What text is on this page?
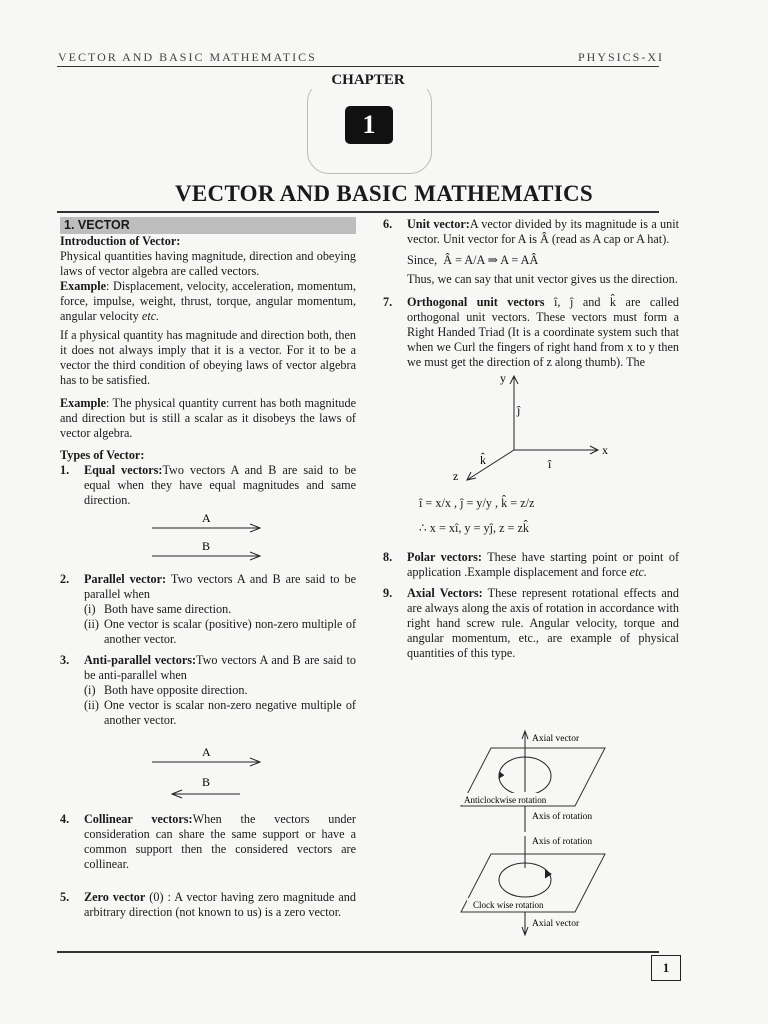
VECTOR AND BASIC MATHEMATICS	PHYSICS-XI
CHAPTER
1
VECTOR AND BASIC MATHEMATICS
1. VECTOR

Introduction of Vector:

Physical quantities having magnitude, direction and obeying laws of vector algebra are called vectors.

Example: Displacement, velocity, acceleration, momentum, force, impulse, weight, thrust, torque, angular momentum, angular velocity etc.

If a physical quantity has magnitude and direction both, then it does not always imply that it is a vector. For it to be a vector the third condition of obeying laws of vector algebra has to be satisfied.

Example: The physical quantity current has both magnitude and direction but is still a scalar as it disobeys the laws of vector algebra.

Types of Vector:

1. Equal vectors:Two vectors A and B are said to be equal when they have equal magnitudes and same direction.
A
B
2. Parallel vector: Two vectors A and B are said to be parallel when
(i) Both have same direction.
(ii) One vector is scalar (positive) non-zero multiple of another vector.
3. Anti-parallel vectors:Two vectors A and B are said to be anti-parallel when
(i) Both have opposite direction.
(ii) One vector is scalar non-zero negative multiple of another vector.
A
B
4. Collinear vectors:When the vectors under consideration can share the same support or have a common support then the considered vectors are collinear.
5. Zero vector (0) : A vector having zero magnitude and arbitrary direction (not known to us) is a zero vector.
6. Unit vector:A vector divided by its magnitude is a unit vector. Unit vector for A is Â (read as A cap or A hat).

Since, Â = A/A ⇒ A = AÂ

Thus, we can say that unit vector gives us the direction.

7. Orthogonal unit vectors î, ĵ and k̂ are called orthogonal unit vectors. These vectors must form a Right Handed Triad (It is a coordinate system such that when we Curl the fingers of right hand from x to y then we must get the direction of z along thumb). The
y
x
z
ĵ
î
k̂

î = x/x , ĵ = y/y , k̂ = z/z

∴ x = xî, y = yĵ, z = zk̂

8. Polar vectors: These have starting point or point of application .Example displacement and force etc.
9. Axial Vectors: These represent rotational effects and are always along the axis of rotation in accordance with right hand screw rule. Angular velocity, torque and angular momentum, etc., are example of physical quantities of this type.
Axial vector
Anticlockwise rotation
Axis of rotation
Axis of rotation
Clock wise rotation
Axial vector
1
